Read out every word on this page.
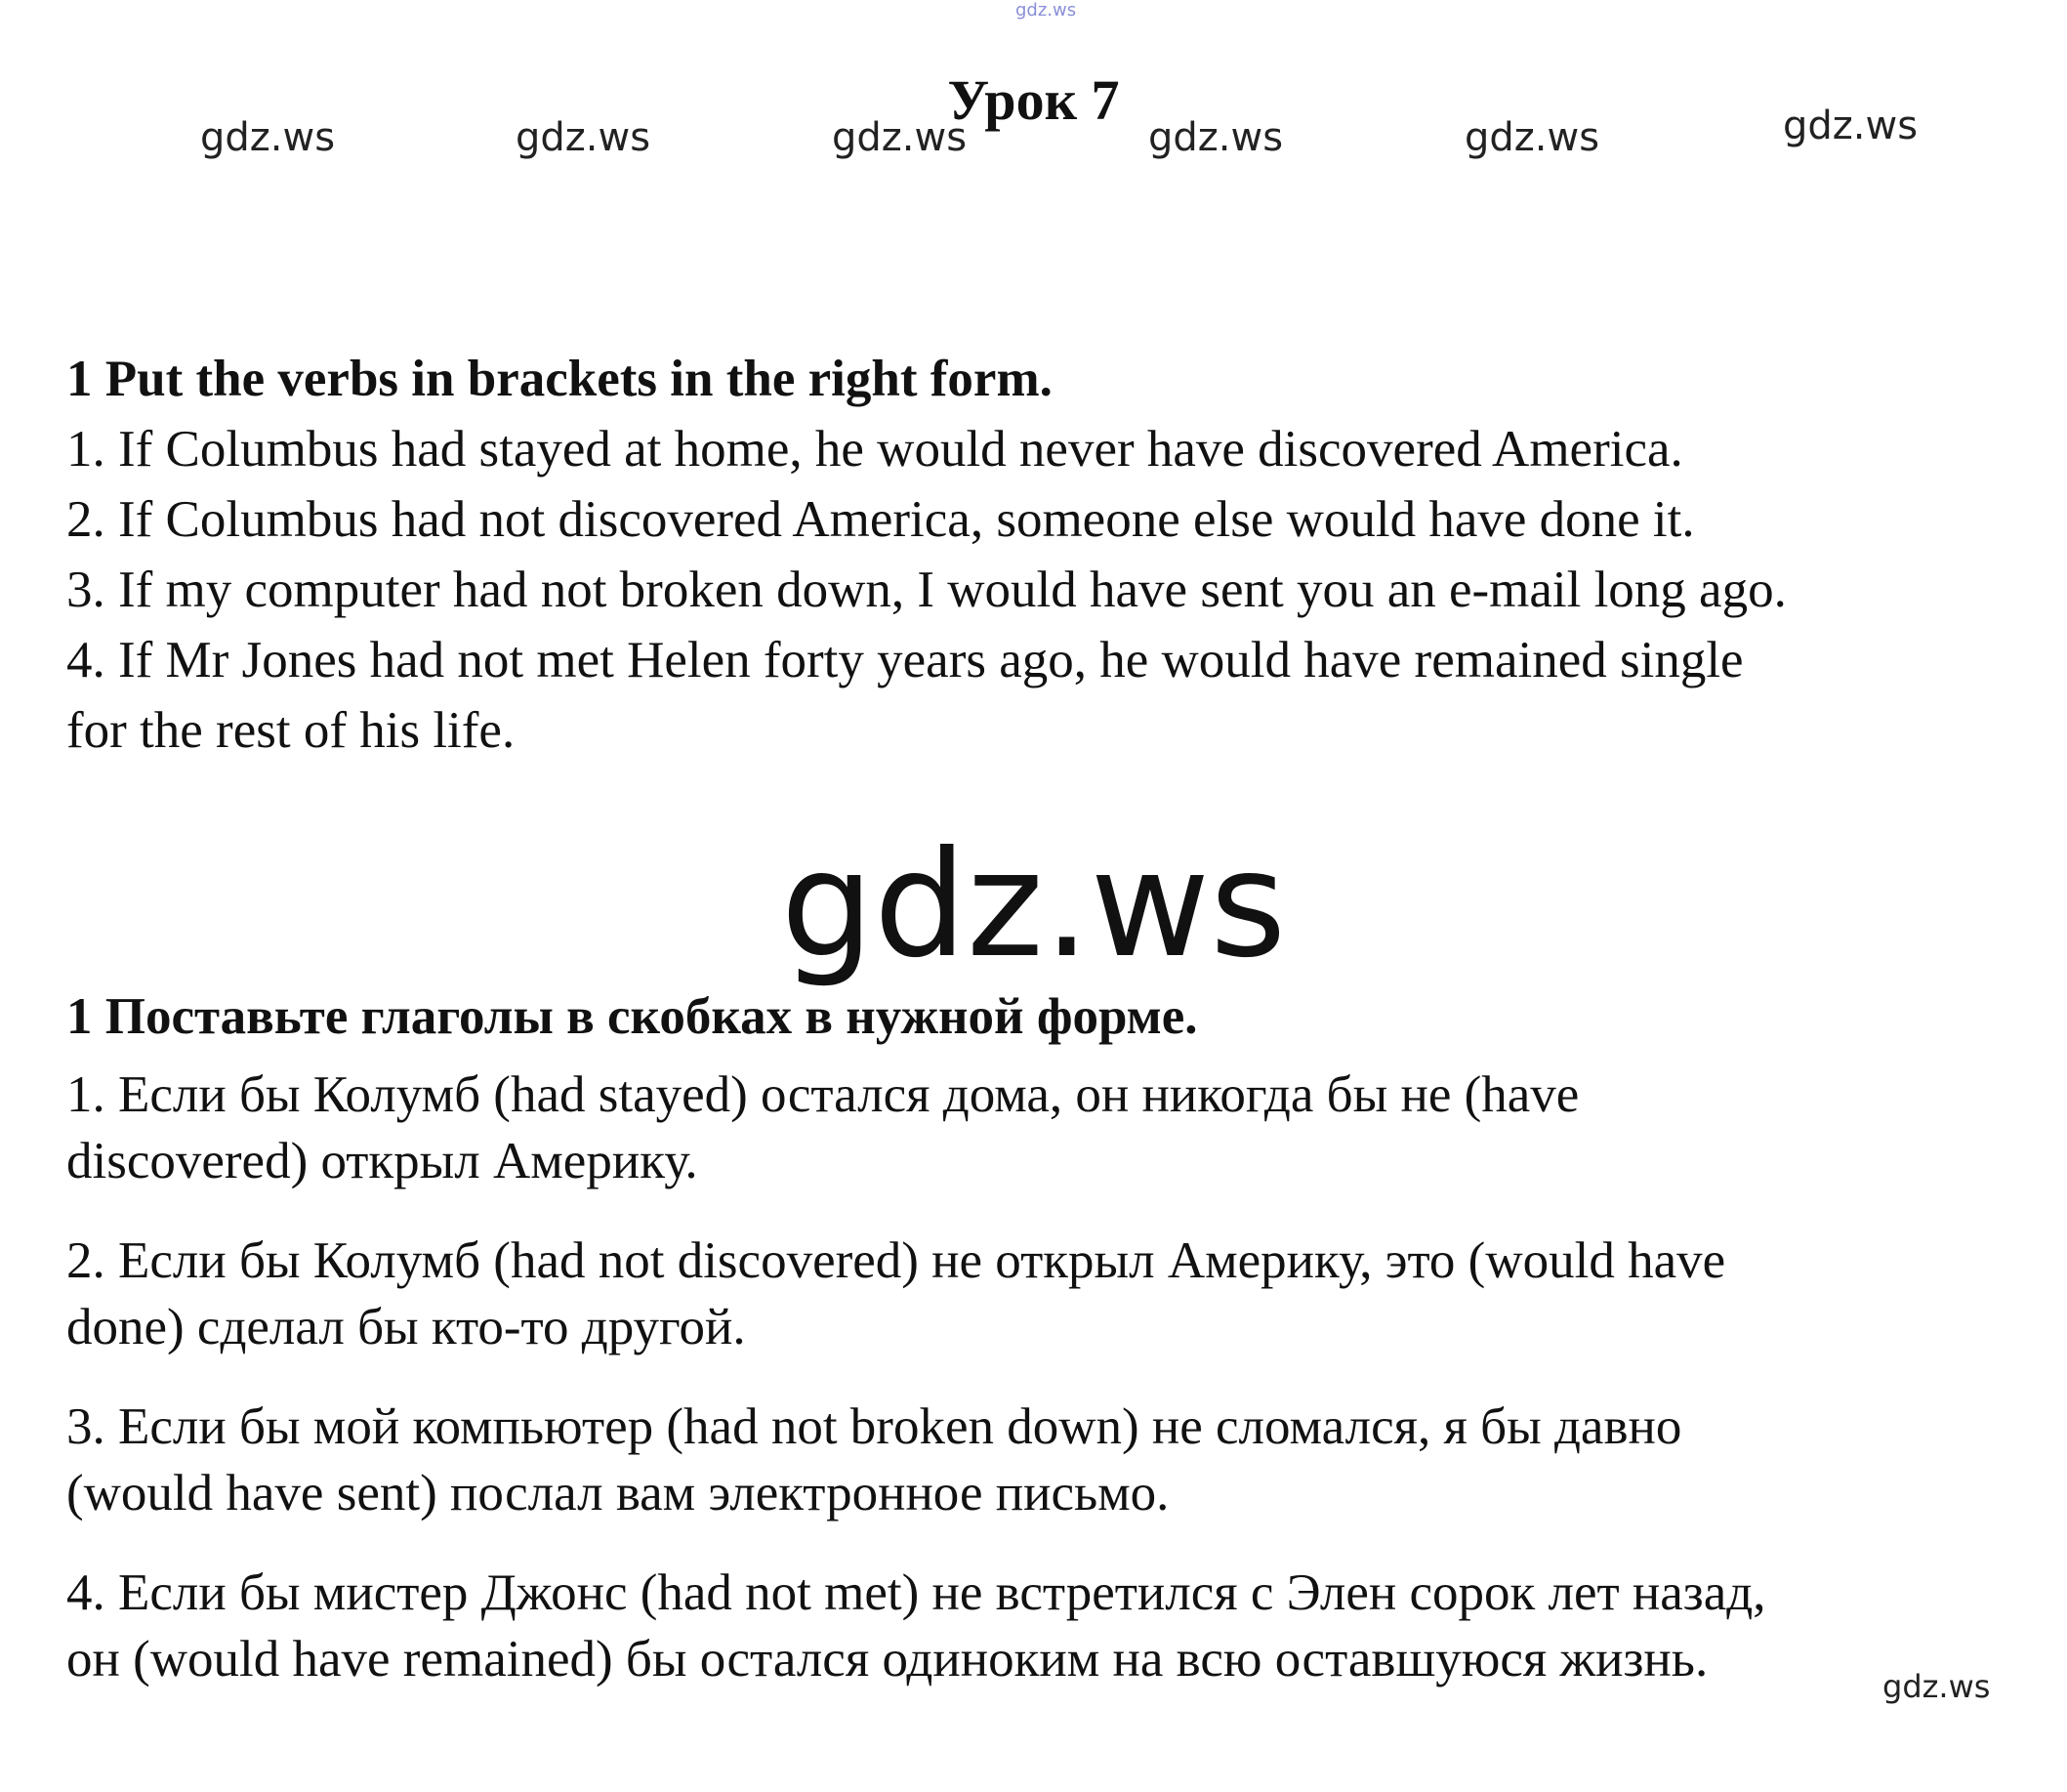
gdz.ws
gdz.ws	gdz.ws	gdz.ws	gdz.ws	gdz.ws	gdz.ws
Урок 7
1 Put the verbs in brackets in the right form.
1. If Columbus had stayed at home, he would never have discovered America.
2. If Columbus had not discovered America, someone else would have done it.
3. If my computer had not broken down, I would have sent you an e-mail long ago.
4. If Mr Jones had not met Helen forty years ago, he would have remained single
for the rest of his life.
gdz.ws
1 Поставьте глаголы в скобках в нужной форме.
1. Если бы Колумб (had stayed) остался дома, он никогда бы не (have
discovered) открыл Америку.
2. Если бы Колумб (had not discovered) не открыл Америку, это (would have
done) сделал бы кто-то другой.
3. Если бы мой компьютер (had not broken down) не сломался, я бы давно
(would have sent) послал вам электронное письмо.
4. Если бы мистер Джонс (had not met) не встретился с Элен сорок лет назад,
он (would have remained) бы остался одиноким на всю оставшуюся жизнь.	gdz.ws
